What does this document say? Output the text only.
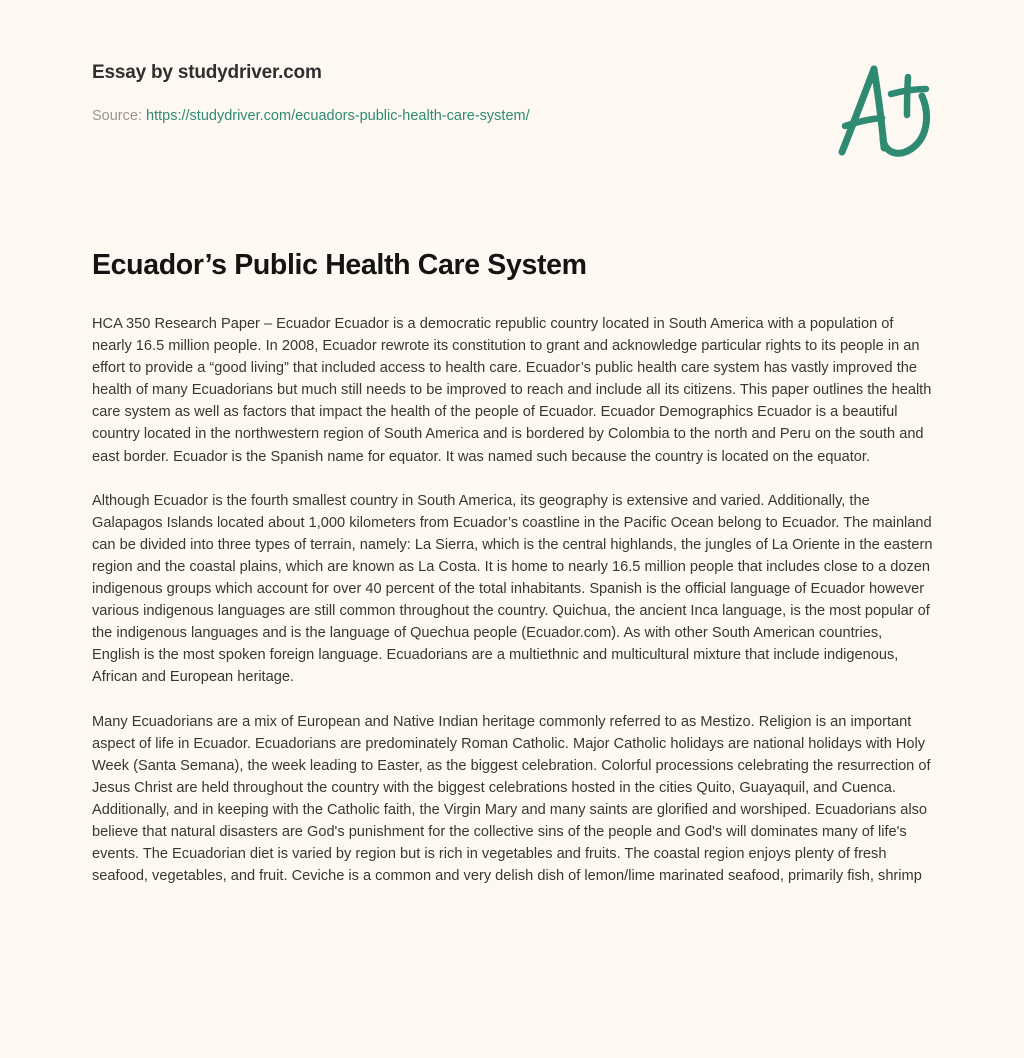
Essay by studydriver.com
Source: https://studydriver.com/ecuadors-public-health-care-system/
Ecuador’s Public Health Care System

HCA 350 Research Paper – Ecuador Ecuador is a democratic republic country located in South America with a population of nearly 16.5 million people. In 2008, Ecuador rewrote its constitution to grant and acknowledge particular rights to its people in an effort to provide a “good living” that included access to health care. Ecuador’s public health care system has vastly improved the health of many Ecuadorians but much still needs to be improved to reach and include all its citizens. This paper outlines the health care system as well as factors that impact the health of the people of Ecuador. Ecuador Demographics Ecuador is a beautiful country located in the northwestern region of South America and is bordered by Colombia to the north and Peru on the south and east border. Ecuador is the Spanish name for equator. It was named such because the country is located on the equator.

Although Ecuador is the fourth smallest country in South America, its geography is extensive and varied. Additionally, the Galapagos Islands located about 1,000 kilometers from Ecuador’s coastline in the Pacific Ocean belong to Ecuador. The mainland can be divided into three types of terrain, namely: La Sierra, which is the central highlands, the jungles of La Oriente in the eastern region and the coastal plains, which are known as La Costa. It is home to nearly 16.5 million people that includes close to a dozen indigenous groups which account for over 40 percent of the total inhabitants. Spanish is the official language of Ecuador however various indigenous languages are still common throughout the country. Quichua, the ancient Inca language, is the most popular of the indigenous languages and is the language of Quechua people (Ecuador.com). As with other South American countries, English is the most spoken foreign language. Ecuadorians are a multiethnic and multicultural mixture that include indigenous, African and European heritage.

Many Ecuadorians are a mix of European and Native Indian heritage commonly referred to as Mestizo. Religion is an important aspect of life in Ecuador. Ecuadorians are predominately Roman Catholic. Major Catholic holidays are national holidays with Holy Week (Santa Semana), the week leading to Easter, as the biggest celebration. Colorful processions celebrating the resurrection of Jesus Christ are held throughout the country with the biggest celebrations hosted in the cities Quito, Guayaquil, and Cuenca. Additionally, and in keeping with the Catholic faith, the Virgin Mary and many saints are glorified and worshiped. Ecuadorians also believe that natural disasters are God's punishment for the collective sins of the people and God's will dominates many of life's events. The Ecuadorian diet is varied by region but is rich in vegetables and fruits. The coastal region enjoys plenty of fresh seafood, vegetables, and fruit. Ceviche is a common and very delish dish of lemon/lime marinated seafood, primarily fish, shrimp
